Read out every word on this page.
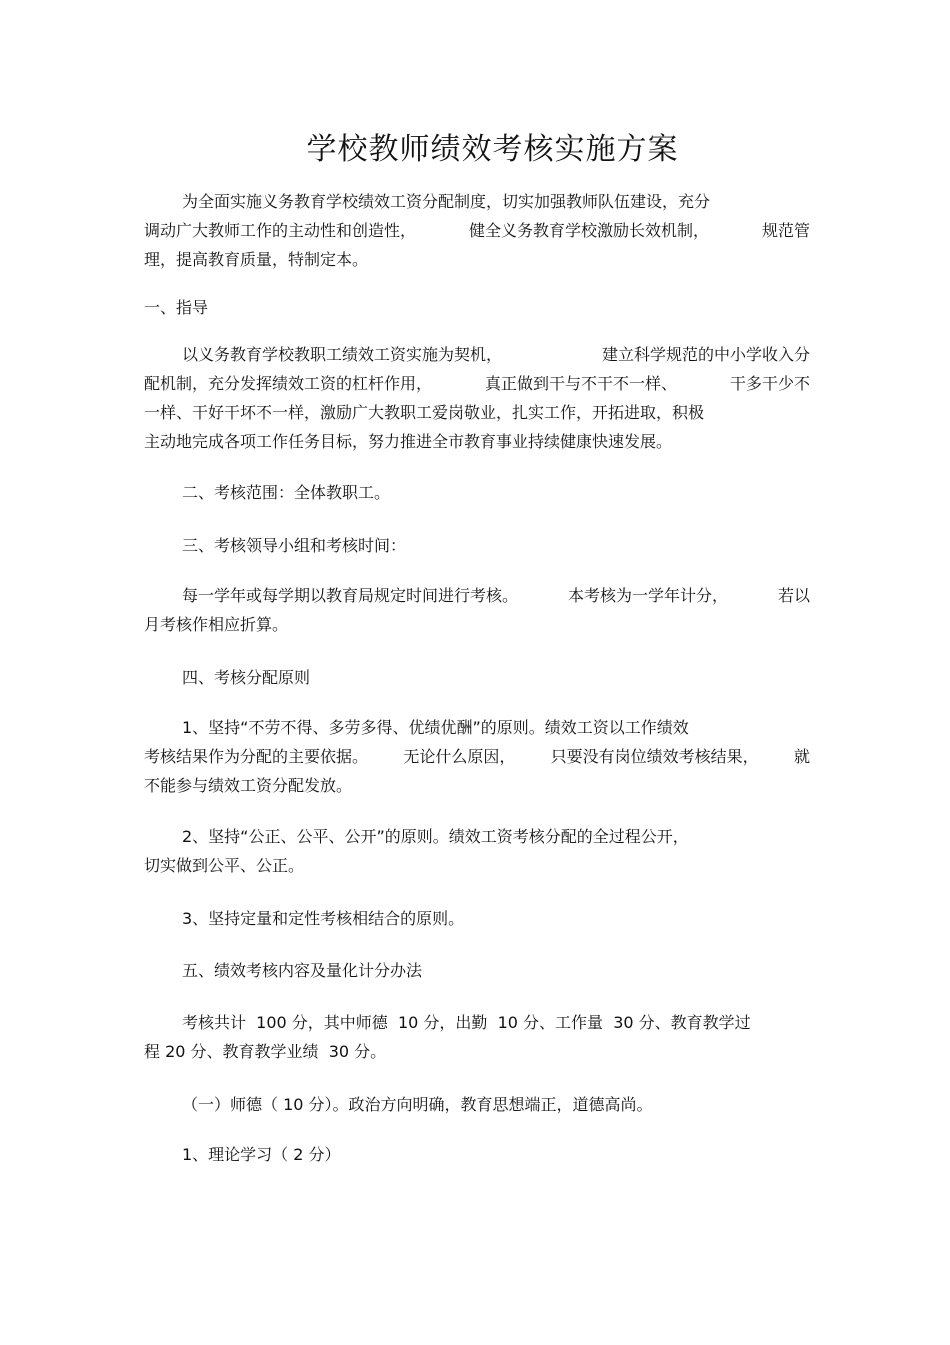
学校教师绩效考核实施方案

为全面实施义务教育学校绩效工资分配制度，切实加强教师队伍建设，充分

调动广大教师工作的主动性和创造性，	健全义务教育学校激励长效机制，	规范管

理，提高教育质量，特制定本。

一、指导

以义务教育学校教职工绩效工资实施为契机，	建立科学规范的中小学收入分

配机制，充分发挥绩效工资的杠杆作用，	真正做到干与不干不一样、	干多干少不

一样、干好干坏不一样，激励广大教职工爱岗敬业，扎实工作，开拓进取，积极

主动地完成各项工作任务目标，努力推进全市教育事业持续健康快速发展。

二、考核范围：全体教职工。

三、考核领导小组和考核时间：

每一学年或每学期以教育局规定时间进行考核。	本考核为一学年计分，	若以

月考核作相应折算。

四、考核分配原则

1、坚持“不劳不得、多劳多得、优绩优酬”的原则。绩效工资以工作绩效

考核结果作为分配的主要依据。 无论什么原因， 只要没有岗位绩效考核结果， 就

不能参与绩效工资分配发放。

2、坚持“公正、公平、公开”的原则。绩效工资考核分配的全过程公开，

切实做到公平、公正。

3、坚持定量和定性考核相结合的原则。

五、绩效考核内容及量化计分办法

考核共计  100 分，其中师德  10 分，出勤  10 分、工作量  30 分、教育教学过

程 20 分、教育教学业绩  30 分。

（一）师德（ 10 分）。政治方向明确，教育思想端正，道德高尚。

1、理论学习（ 2 分）
